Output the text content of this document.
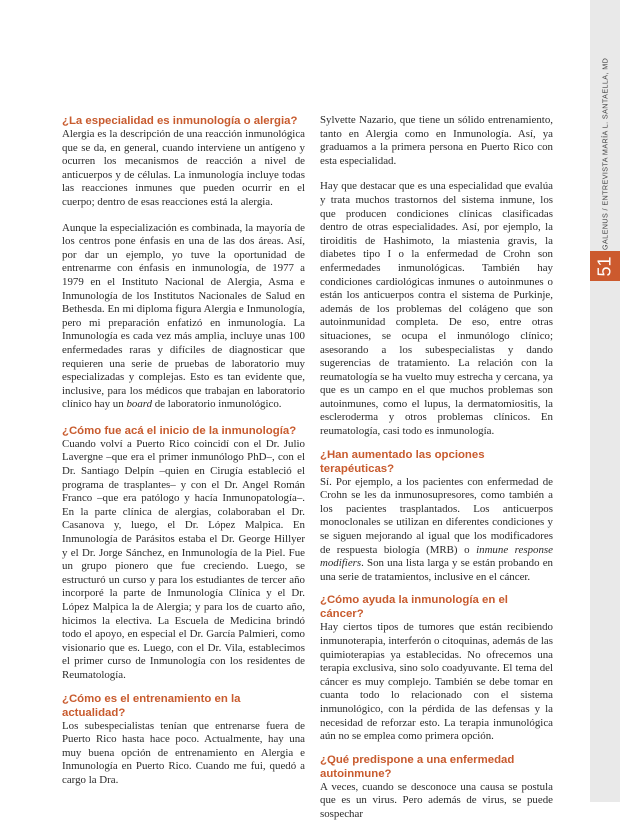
GALENUS / ENTREVISTA MARÍA L. SANTAELLA, MD
51

¿La especialidad es inmunología o alergia?

Alergia es la descripción de una reacción inmunológica que se da, en general, cuando interviene un antígeno y ocurren los mecanismos de reacción a nivel de anticuerpos y de células. La inmunología incluye todas las reacciones inmunes que pueden ocurrir en el cuerpo; dentro de esas reacciones está la alergia.

Aunque la especialización es combinada, la mayoría de los centros pone énfasis en una de las dos áreas. Así, por dar un ejemplo, yo tuve la oportunidad de entrenarme con énfasis en inmunología, de 1977 a 1979 en el Instituto Nacional de Alergia, Asma e Inmunología de los Institutos Nacionales de Salud en Bethesda. En mi diploma figura Alergia e Inmunología, pero mi preparación enfatizó en inmunología. La Inmunología es cada vez más amplia, incluye unas 100 enfermedades raras y difíciles de diagnosticar que requieren una serie de pruebas de laboratorio muy especializadas y complejas. Esto es tan evidente que, inclusive, para los médicos que trabajan en laboratorio clínico hay un board de laboratorio inmunológico.

¿Cómo fue acá el inicio de la inmunología?

Cuando volví a Puerto Rico coincidí con el Dr. Julio Lavergne –que era el primer inmunólogo PhD–, con el Dr. Santiago Delpín –quien en Cirugía estableció el programa de trasplantes– y con el Dr. Angel Román Franco –que era patólogo y hacía Inmunopatología–. En la parte clínica de alergias, colaboraban el Dr. Casanova y, luego, el Dr. López Malpica. En Inmunología de Parásitos estaba el Dr. George Hillyer y el Dr. Jorge Sánchez, en Inmunología de la Piel. Fue un grupo pionero que fue creciendo. Luego, se estructuró un curso y para los estudiantes de tercer año incorporé la parte de Inmunología Clínica y el Dr. López Malpica la de Alergia; y para los de cuarto año, hicimos la electiva. La Escuela de Medicina brindó todo el apoyo, en especial el Dr. García Palmieri, como visionario que es. Luego, con el Dr. Vila, establecimos el primer curso de Inmunología con los residentes de Reumatología.

¿Cómo es el entrenamiento en la actualidad?

Los subespecialistas tenían que entrenarse fuera de Puerto Rico hasta hace poco. Actualmente, hay una muy buena opción de entrenamiento en Alergia e Inmunología en Puerto Rico. Cuando me fui, quedó a cargo la Dra.

Sylvette Nazario, que tiene un sólido entrenamiento, tanto en Alergia como en Inmunología. Así, ya graduamos a la primera persona en Puerto Rico con esta especialidad.

Hay que destacar que es una especialidad que evalúa y trata muchos trastornos del sistema inmune, los que producen condiciones clínicas clasificadas dentro de otras especialidades. Así, por ejemplo, la tiroiditis de Hashimoto, la miastenia gravis, la diabetes tipo I o la enfermedad de Crohn son enfermedades inmunológicas. También hay condiciones cardiológicas inmunes o autoinmunes o están los anticuerpos contra el sistema de Purkinje, además de los problemas del colágeno que son autoinmunidad completa. De eso, entre otras situaciones, se ocupa el inmunólogo clínico; asesorando a los subespecialistas y dando sugerencias de tratamiento. La relación con la reumatología se ha vuelto muy estrecha y cercana, ya que es un campo en el que muchos problemas son autoinmunes, como el lupus, la dermatomiositis, la escleroderma y otros problemas clínicos. En reumatología, casi todo es inmunología.

¿Han aumentado las opciones terapéuticas?

Sí. Por ejemplo, a los pacientes con enfermedad de Crohn se les da inmunosupresores, como también a los pacientes trasplantados. Los anticuerpos monoclonales se utilizan en diferentes condiciones y se siguen mejorando al igual que los modificadores de respuesta biología (MRB) o inmune response modifiers. Son una lista larga y se están probando en una serie de tratamientos, inclusive en el cáncer.

¿Cómo ayuda la inmunología en el cáncer?

Hay ciertos tipos de tumores que están recibiendo inmunoterapia, interferón o citoquinas, además de las quimioterapias ya establecidas. No ofrecemos una terapia exclusiva, sino solo coadyuvante. El tema del cáncer es muy complejo. También se debe tomar en cuanta todo lo relacionado con el sistema inmunológico, con la pérdida de las defensas y la necesidad de reforzar esto. La terapia inmunológica aún no se emplea como primera opción.

¿Qué predispone a una enfermedad autoinmune?

A veces, cuando se desconoce una causa se postula que es un virus. Pero además de virus, se puede sospechar
